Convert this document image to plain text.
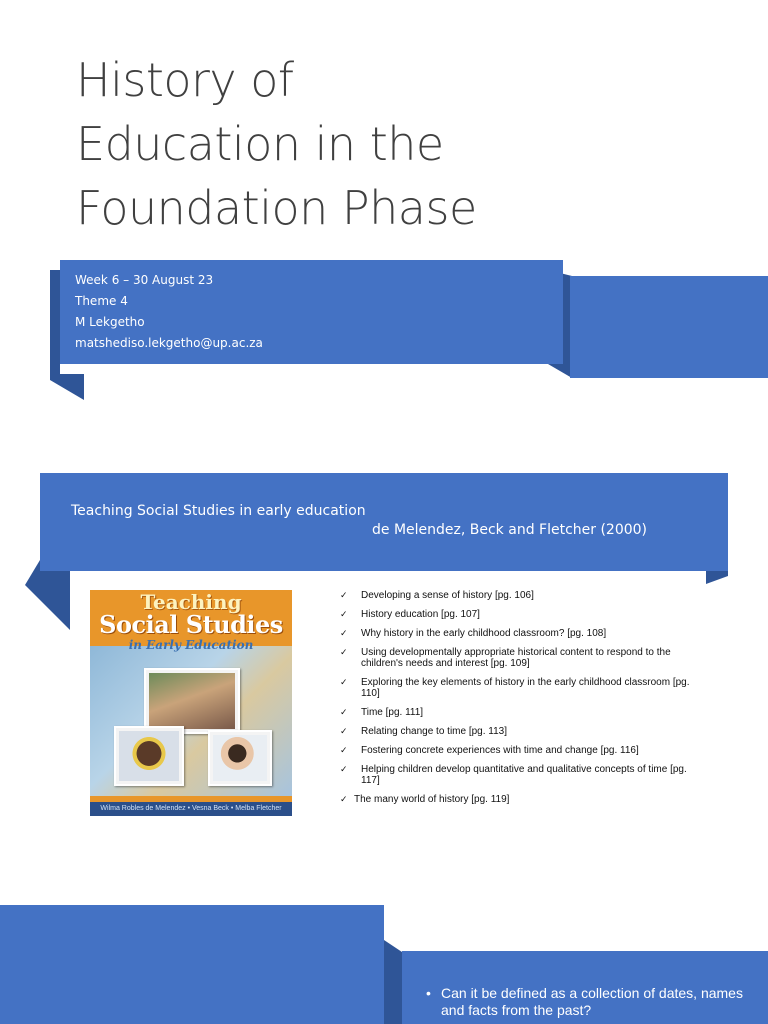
History of
Education in the
Foundation Phase
Week 6 – 30 August 23
Theme 4
M Lekgetho
matshediso.lekgetho@up.ac.za
Teaching Social Studies in early education
de Melendez, Beck and Fletcher (2000)
Teaching
Social Studies
in Early Education
Wilma Robles de Melendez • Vesna Beck • Melba Fletcher
✓ Developing a sense of history [pg. 106]
✓ History education [pg. 107]
✓ Why history in the early childhood classroom? [pg. 108]
✓ Using developmentally appropriate historical content to respond to the children's needs and interest [pg. 109]
✓ Exploring the key elements of history in the early childhood classroom [pg. 110]
✓ Time [pg. 111]
✓ Relating change to time [pg. 113]
✓ Fostering concrete experiences with time and change [pg. 116]
✓ Helping children develop quantitative and qualitative concepts of time [pg. 117]
✓ The many world of history [pg. 119]
• Can it be defined as a collection of dates, names and facts from the past?
